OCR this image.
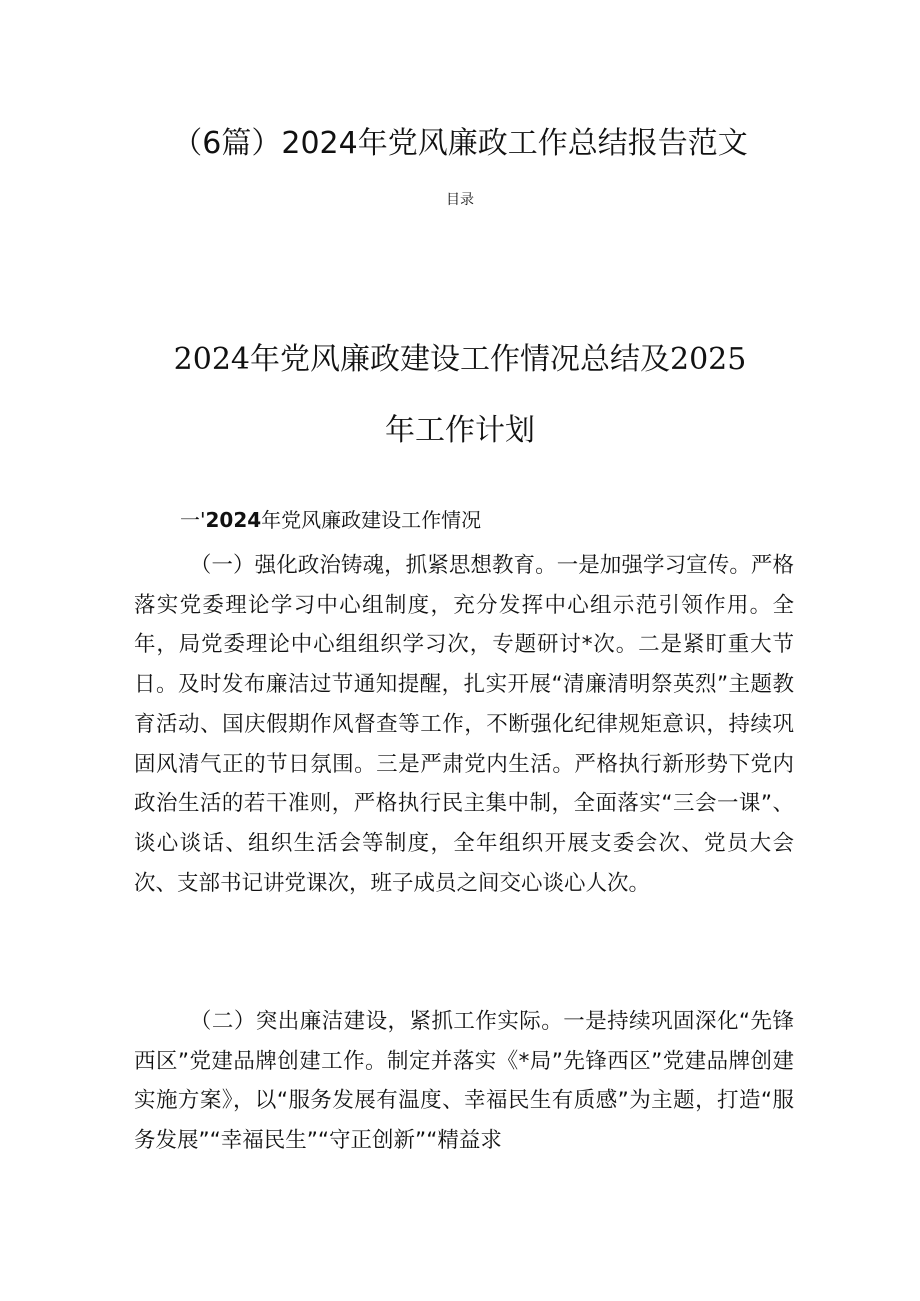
（6篇）2024年党风廉政工作总结报告范文
目录
2024年党风廉政建设工作情况总结及2025
年工作计划
一'2024年党风廉政建设工作情况

（一）强化政治铸魂，抓紧思想教育。一是加强学习宣传。严格落实党委理论学习中心组制度，充分发挥中心组示范引领作用。全年，局党委理论中心组组织学习次，专题研讨*次。二是紧盯重大节日。及时发布廉洁过节通知提醒，扎实开展“清廉清明祭英烈”主题教育活动、国庆假期作风督查等工作，不断强化纪律规矩意识，持续巩固风清气正的节日氛围。三是严肃党内生活。严格执行新形势下党内政治生活的若干准则，严格执行民主集中制，全面落实“三会一课”、谈心谈话、组织生活会等制度，全年组织开展支委会次、党员大会次、支部书记讲党课次，班子成员之间交心谈心人次。

（二）突出廉洁建设，紧抓工作实际。一是持续巩固深化“先锋西区”党建品牌创建工作。制定并落实《*局”先锋西区”党建品牌创建实施方案》，以“服务发展有温度、幸福民生有质感”为主题，打造“服务发展”“幸福民生”“守正创新”“精益求
